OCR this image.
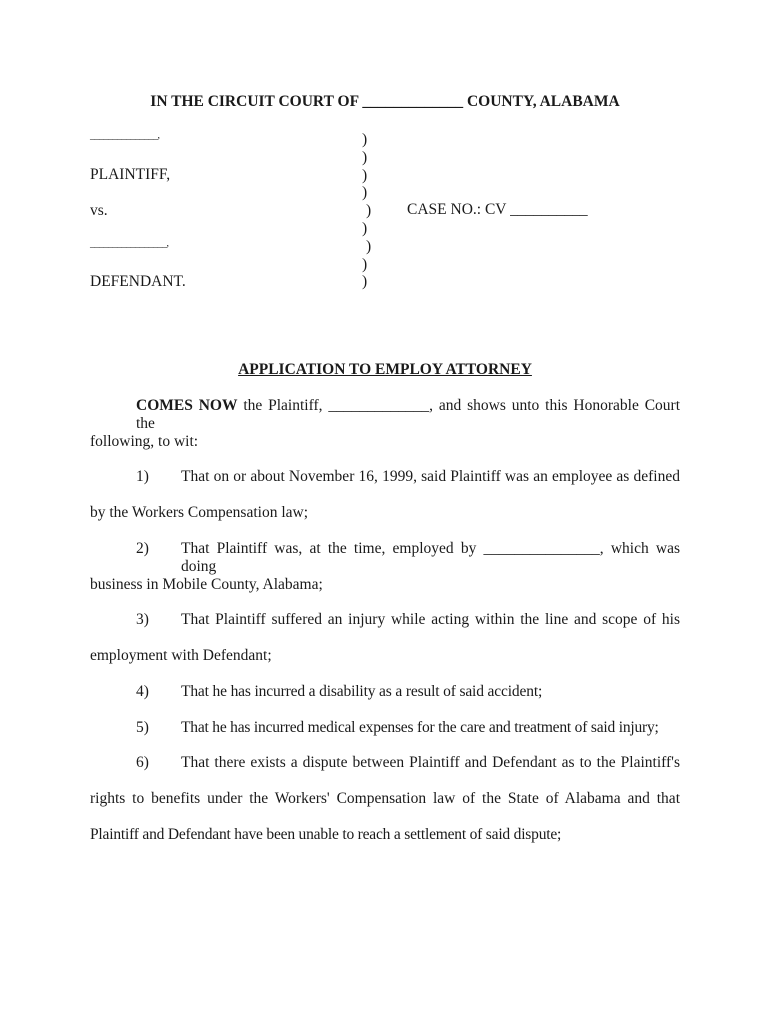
IN THE CIRCUIT COURT OF _____________ COUNTY, ALABAMA
_______________,
PLAINTIFF,
vs.
_________________,
DEFENDANT.
)
)
)
)
)
)
)
)
)
CASE NO.: CV __________
APPLICATION TO EMPLOY ATTORNEY
COMES NOW the Plaintiff, _____________, and shows unto this Honorable Court the
following, to wit:
1) That on or about November 16, 1999, said Plaintiff was an employee as defined
by the Workers Compensation law;
2) That Plaintiff was, at the time, employed by _______________, which was doing
business in Mobile County, Alabama;
3) That Plaintiff suffered an injury while acting within the line and scope of his
employment with Defendant;
4) That he has incurred a disability as a result of said accident;
5) That he has incurred medical expenses for the care and treatment of said injury;
6) That there exists a dispute between Plaintiff and Defendant as to the Plaintiff's
rights to benefits under the Workers' Compensation law of the State of Alabama and that
Plaintiff and Defendant have been unable to reach a settlement of said dispute;
